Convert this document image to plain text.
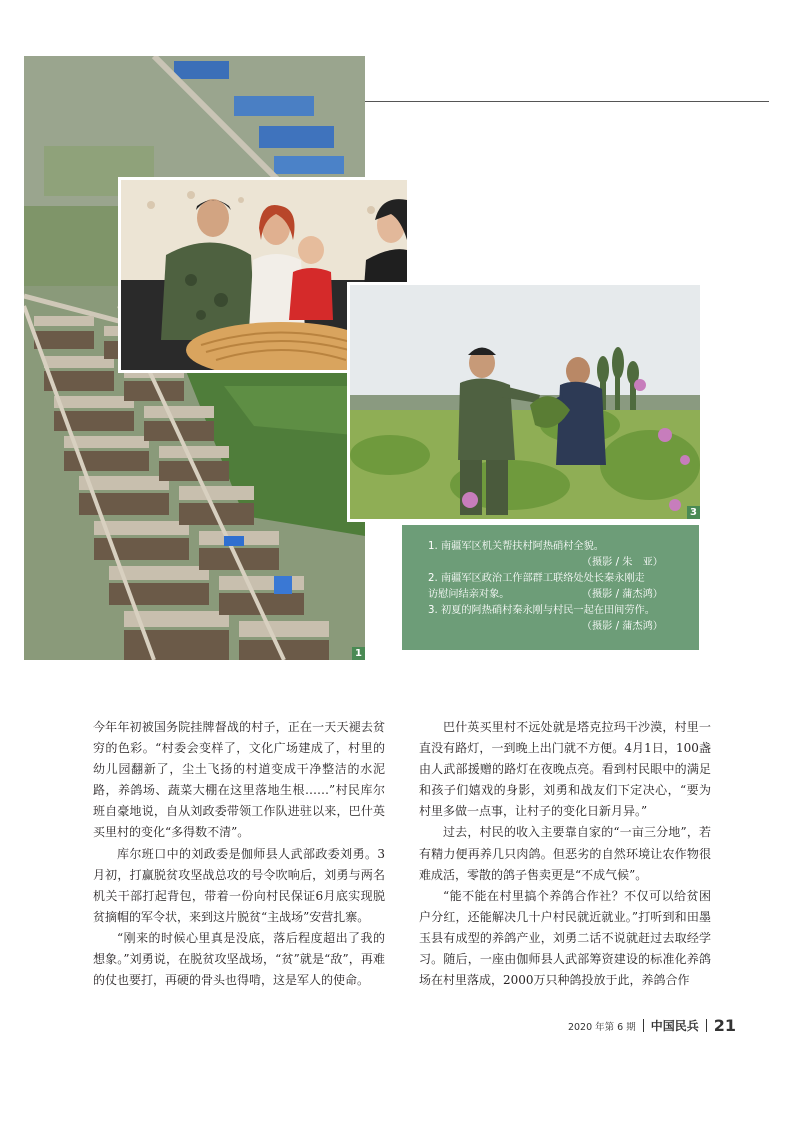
1
3
1. 南疆军区机关帮扶村阿热硝村全貌。
（摄影 / 朱　亚）
2. 南疆军区政治工作部群工联络处处长秦永刚走
访慰问结亲对象。	（摄影 / 蒲杰鸿）
3. 初夏的阿热硝村秦永刚与村民一起在田间劳作。
（摄影 / 蒲杰鸿）

今年年初被国务院挂牌督战的村子，正在一天天褪去贫穷的色彩。“村委会变样了，文化广场建成了，村里的幼儿园翻新了，尘土飞扬的村道变成干净整洁的水泥路，养鸽场、蔬菜大棚在这里落地生根……”村民库尔班自豪地说，自从刘政委带领工作队进驻以来，巴什英买里村的变化“多得数不清”。

库尔班口中的刘政委是伽师县人武部政委刘勇。3月初，打赢脱贫攻坚战总攻的号令吹响后，刘勇与两名机关干部打起背包，带着一份向村民保证6月底实现脱贫摘帽的军令状，来到这片脱贫“主战场”安营扎寨。

“刚来的时候心里真是没底，落后程度超出了我的想象。”刘勇说，在脱贫攻坚战场，“贫”就是“敌”，再难的仗也要打，再硬的骨头也得啃，这是军人的使命。

巴什英买里村不远处就是塔克拉玛干沙漠，村里一直没有路灯，一到晚上出门就不方便。4月1日，100盏由人武部援赠的路灯在夜晚点亮。看到村民眼中的满足和孩子们嬉戏的身影，刘勇和战友们下定决心，“要为村里多做一点事，让村子的变化日新月异。”

过去，村民的收入主要靠自家的“一亩三分地”，若有精力便再养几只肉鸽。但恶劣的自然环境让农作物很难成活，零散的鸽子售卖更是“不成气候”。

“能不能在村里搞个养鸽合作社？不仅可以给贫困户分红，还能解决几十户村民就近就业。”打听到和田墨玉县有成型的养鸽产业，刘勇二话不说就赶过去取经学习。随后，一座由伽师县人武部筹资建设的标准化养鸽场在村里落成，2000万只种鸽投放于此，养鸽合作

2020 年第 6 期 中国民兵 21
